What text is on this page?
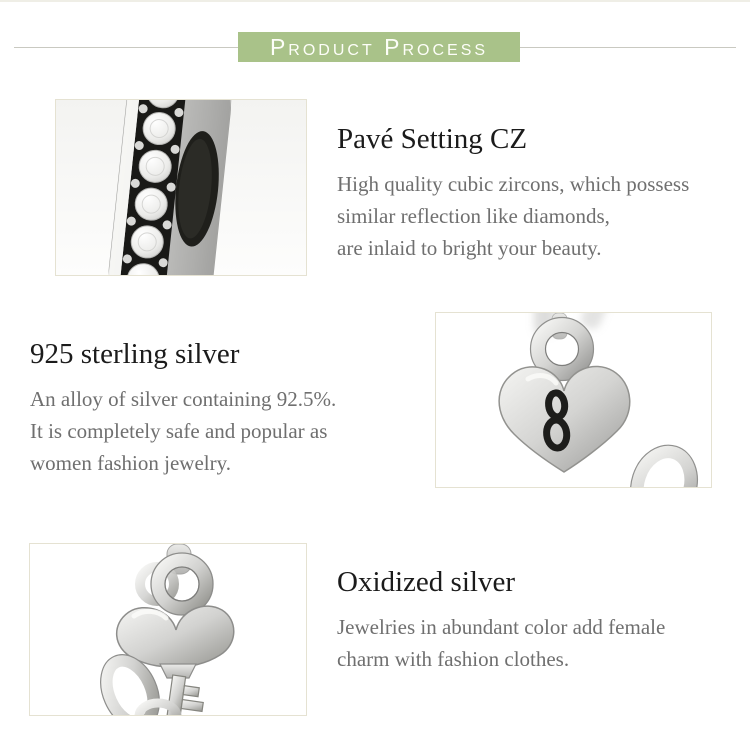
Product Process
Pavé Setting CZ
High quality cubic zircons, which possess
similar reflection like diamonds,
are inlaid to bright your beauty.
925 sterling silver
An alloy of silver containing 92.5%.
It is completely safe and popular as
women fashion jewelry.
Oxidized silver
Jewelries in abundant color add female
charm with fashion clothes.
